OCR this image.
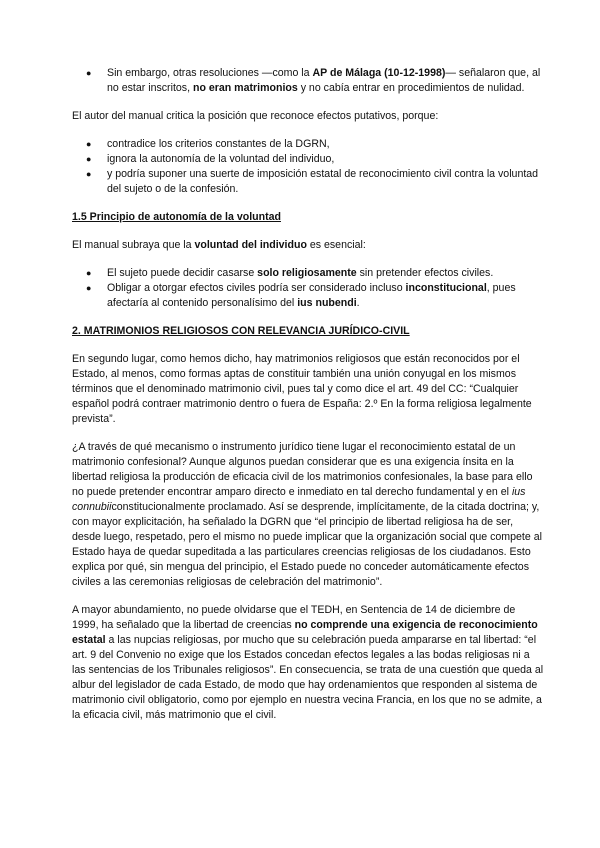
● Sin embargo, otras resoluciones —como la AP de Málaga (10-12-1998)— señalaron que, al no estar inscritos, no eran matrimonios y no cabía entrar en procedimientos de nulidad.

El autor del manual critica la posición que reconoce efectos putativos, porque:

● contradice los criterios constantes de la DGRN,
● ignora la autonomía de la voluntad del individuo,
● y podría suponer una suerte de imposición estatal de reconocimiento civil contra la voluntad del sujeto o de la confesión.

1.5 Principio de autonomía de la voluntad

El manual subraya que la voluntad del individuo es esencial:

● El sujeto puede decidir casarse solo religiosamente sin pretender efectos civiles.
● Obligar a otorgar efectos civiles podría ser considerado incluso inconstitucional, pues afectaría al contenido personalísimo del ius nubendi.

2. MATRIMONIOS RELIGIOSOS CON RELEVANCIA JURÍDICO-CIVIL

En segundo lugar, como hemos dicho, hay matrimonios religiosos que están reconocidos por el Estado, al menos, como formas aptas de constituir también una unión conyugal en los mismos términos que el denominado matrimonio civil, pues tal y como dice el art. 49 del CC: “Cualquier español podrá contraer matrimonio dentro o fuera de España: 2.º En la forma religiosa legalmente prevista”.

¿A través de qué mecanismo o instrumento jurídico tiene lugar el reconocimiento estatal de un matrimonio confesional? Aunque algunos puedan considerar que es una exigencia ínsita en la libertad religiosa la producción de eficacia civil de los matrimonios confesionales, la base para ello no puede pretender encontrar amparo directo e inmediato en tal derecho fundamental y en el ius connubiiconstitucionalmente proclamado. Así se desprende, implícitamente, de la citada doctrina; y, con mayor explicitación, ha señalado la DGRN que “el principio de libertad religiosa ha de ser, desde luego, respetado, pero el mismo no puede implicar que la organización social que compete al Estado haya de quedar supeditada a las particulares creencias religiosas de los ciudadanos. Esto explica por qué, sin mengua del principio, el Estado puede no conceder automáticamente efectos civiles a las ceremonias religiosas de celebración del matrimonio”.

A mayor abundamiento, no puede olvidarse que el TEDH, en Sentencia de 14 de diciembre de 1999, ha señalado que la libertad de creencias no comprende una exigencia de reconocimiento estatal a las nupcias religiosas, por mucho que su celebración pueda ampararse en tal libertad: “el art. 9 del Convenio no exige que los Estados concedan efectos legales a las bodas religiosas ni a las sentencias de los Tribunales religiosos”. En consecuencia, se trata de una cuestión que queda al albur del legislador de cada Estado, de modo que hay ordenamientos que responden al sistema de matrimonio civil obligatorio, como por ejemplo en nuestra vecina Francia, en los que no se admite, a la eficacia civil, más matrimonio que el civil.
